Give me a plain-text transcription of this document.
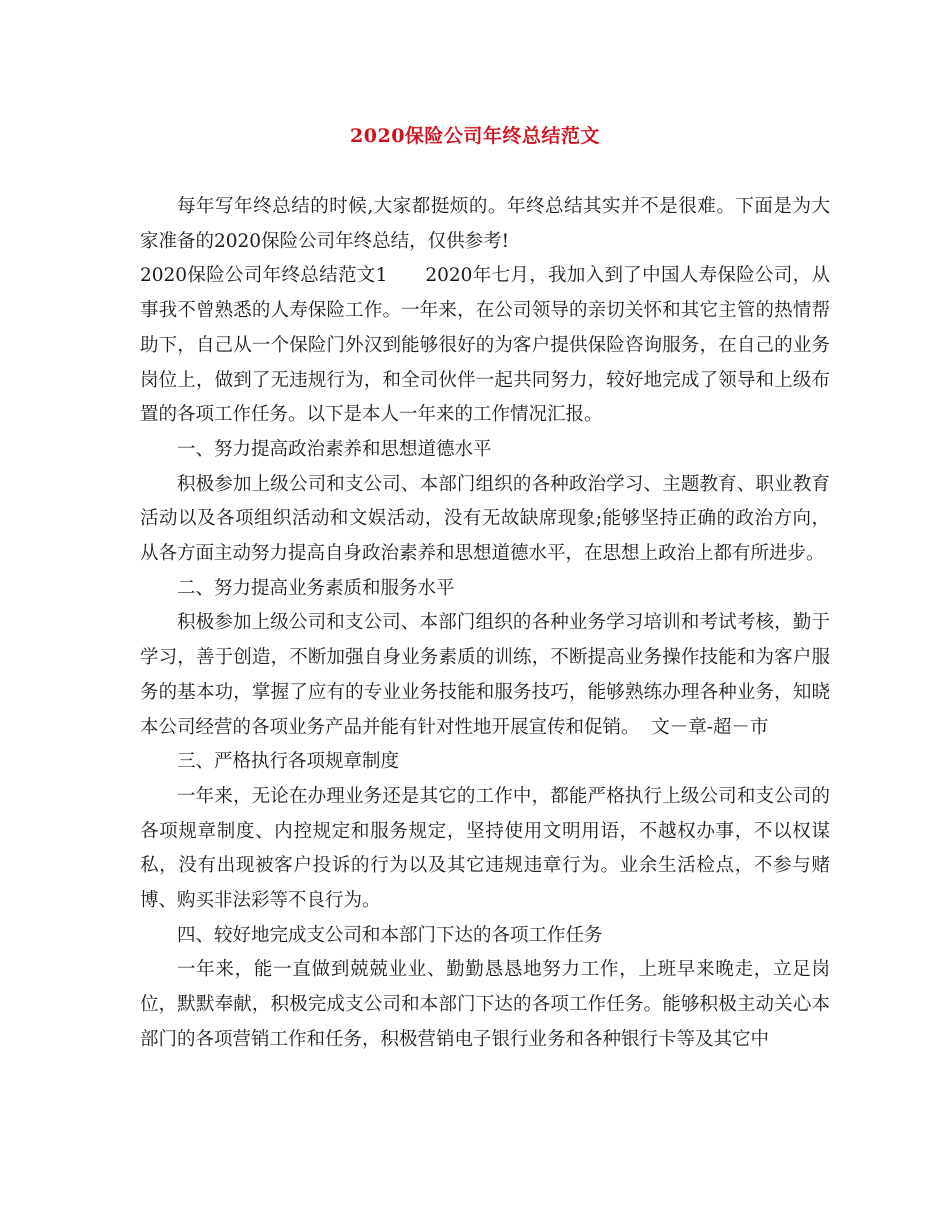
2020保险公司年终总结范文

每年写年终总结的时候,大家都挺烦的。年终总结其实并不是很难。下面是为大家准备的2020保险公司年终总结，仅供参考!

2020保险公司年终总结范文1 2020年七月，我加入到了中国人寿保险公司，从事我不曾熟悉的人寿保险工作。一年来，在公司领导的亲切关怀和其它主管的热情帮助下，自己从一个保险门外汉到能够很好的为客户提供保险咨询服务，在自己的业务岗位上，做到了无违规行为，和全司伙伴一起共同努力，较好地完成了领导和上级布置的各项工作任务。以下是本人一年来的工作情况汇报。

一、努力提高政治素养和思想道德水平

积极参加上级公司和支公司、本部门组织的各种政治学习、主题教育、职业教育活动以及各项组织活动和文娱活动，没有无故缺席现象;能够坚持正确的政治方向，从各方面主动努力提高自身政治素养和思想道德水平，在思想上政治上都有所进步。

二、努力提高业务素质和服务水平

积极参加上级公司和支公司、本部门组织的各种业务学习培训和考试考核，勤于学习，善于创造，不断加强自身业务素质的训练，不断提高业务操作技能和为客户服务的基本功，掌握了应有的专业业务技能和服务技巧，能够熟练办理各种业务，知晓本公司经营的各项业务产品并能有针对性地开展宣传和促销。 文－章-超－市

三、严格执行各项规章制度

一年来，无论在办理业务还是其它的工作中，都能严格执行上级公司和支公司的各项规章制度、内控规定和服务规定，坚持使用文明用语，不越权办事，不以权谋私，没有出现被客户投诉的行为以及其它违规违章行为。业余生活检点，不参与赌博、购买非法彩等不良行为。

四、较好地完成支公司和本部门下达的各项工作任务

一年来，能一直做到兢兢业业、勤勤恳恳地努力工作，上班早来晚走，立足岗位，默默奉献，积极完成支公司和本部门下达的各项工作任务。能够积极主动关心本部门的各项营销工作和任务，积极营销电子银行业务和各种银行卡等及其它中
